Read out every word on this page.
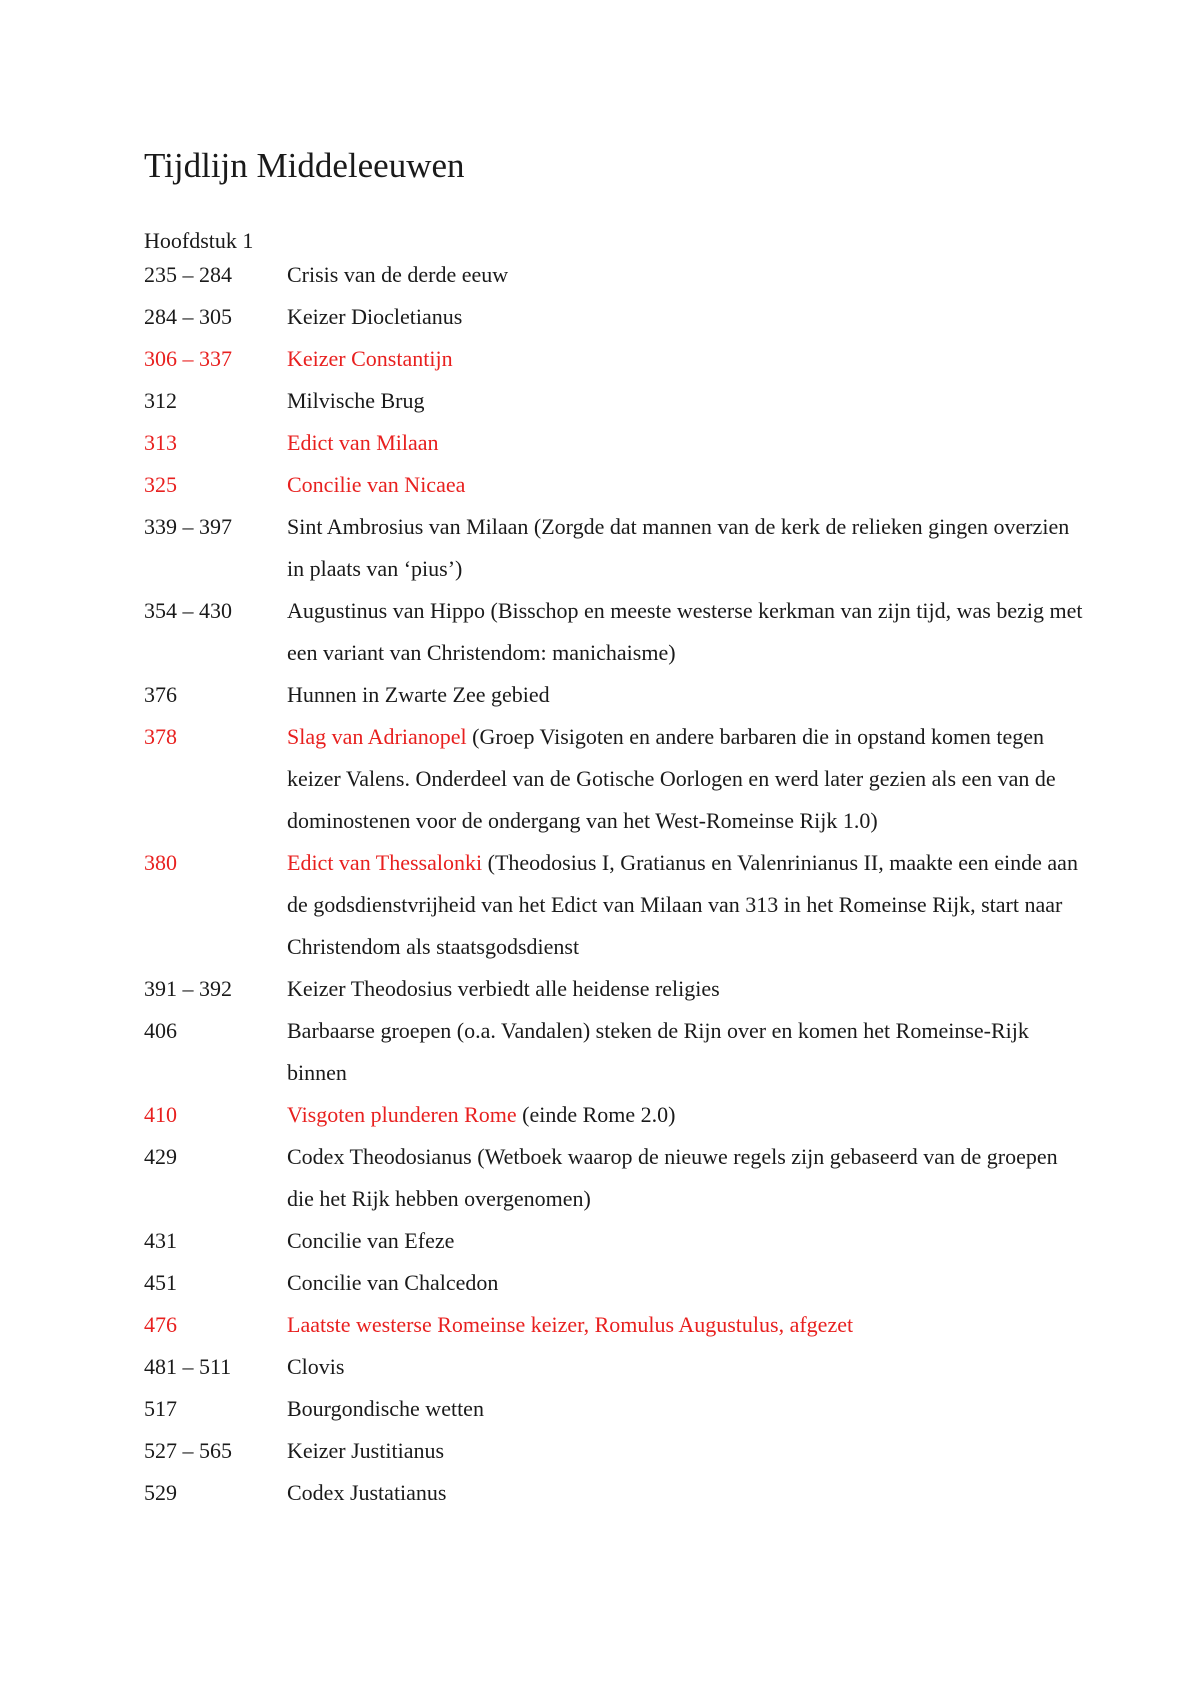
Tijdlijn Middeleeuwen
Hoofdstuk 1
235 – 284	Crisis van de derde eeuw
284 – 305	Keizer Diocletianus
306 – 337	Keizer Constantijn
312	Milvische Brug
313	Edict van Milaan
325	Concilie van Nicaea
339 – 397	Sint Ambrosius van Milaan (Zorgde dat mannen van de kerk de relieken gingen overzien in plaats van ‘pius’)
354 – 430	Augustinus van Hippo (Bisschop en meeste westerse kerkman van zijn tijd, was bezig met een variant van Christendom: manichaisme)
376	Hunnen in Zwarte Zee gebied
378	Slag van Adrianopel (Groep Visigoten en andere barbaren die in opstand komen tegen keizer Valens. Onderdeel van de Gotische Oorlogen en werd later gezien als een van de dominostenen voor de ondergang van het West-Romeinse Rijk 1.0)
380	Edict van Thessalonki (Theodosius I, Gratianus en Valenrinianus II, maakte een einde aan de godsdienstvrijheid van het Edict van Milaan van 313 in het Romeinse Rijk, start naar Christendom als staatsgodsdienst
391 – 392	Keizer Theodosius verbiedt alle heidense religies
406	Barbaarse groepen (o.a. Vandalen) steken de Rijn over en komen het Romeinse-Rijk binnen
410	Visgoten plunderen Rome (einde Rome 2.0)
429	Codex Theodosianus (Wetboek waarop de nieuwe regels zijn gebaseerd van de groepen die het Rijk hebben overgenomen)
431	Concilie van Efeze
451	Concilie van Chalcedon
476	Laatste westerse Romeinse keizer, Romulus Augustulus, afgezet
481 – 511	Clovis
517	Bourgondische wetten
527 – 565	Keizer Justitianus
529	Codex Justatianus
